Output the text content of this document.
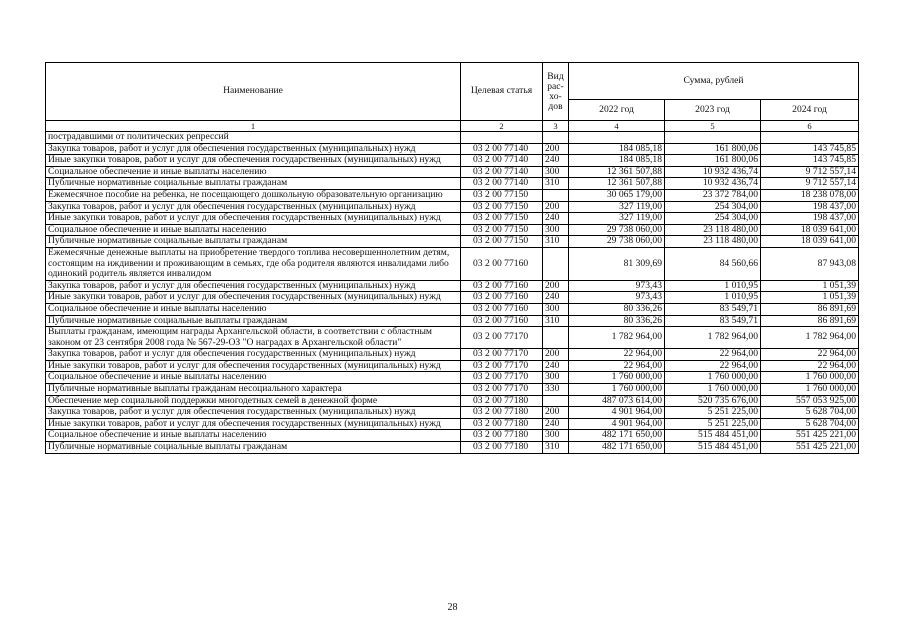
Наименование	Целевая статья	Вид рас-хо-дов	Сумма, рублей		
			2022 год	2023 год	2024 год
1	2	3	4	5	6
пострадавшими от политических репрессий					
Закупка товаров, работ и услуг для обеспечения государственных (муниципальных) нужд	03 2 00 77140	200	184 085,18	161 800,06	143 745,85
Иные закупки товаров, работ и услуг для обеспечения государственных (муниципальных) нужд	03 2 00 77140	240	184 085,18	161 800,06	143 745,85
Социальное обеспечение и иные выплаты населению	03 2 00 77140	300	12 361 507,88	10 932 436,74	9 712 557,14
Публичные нормативные социальные выплаты гражданам	03 2 00 77140	310	12 361 507,88	10 932 436,74	9 712 557,14
Ежемесячное пособие на ребенка, не посещающего дошкольную образовательную организацию	03 2 00 77150		30 065 179,00	23 372 784,00	18 238 078,00
Закупка товаров, работ и услуг для обеспечения государственных (муниципальных) нужд	03 2 00 77150	200	327 119,00	254 304,00	198 437,00
Иные закупки товаров, работ и услуг для обеспечения государственных (муниципальных) нужд	03 2 00 77150	240	327 119,00	254 304,00	198 437,00
Социальное обеспечение и иные выплаты населению	03 2 00 77150	300	29 738 060,00	23 118 480,00	18 039 641,00
Публичные нормативные социальные выплаты гражданам	03 2 00 77150	310	29 738 060,00	23 118 480,00	18 039 641,00
Ежемесячные денежные выплаты на приобретение твердого топлива несовершеннолетним детям, состоящим на иждивении и проживающим в семьях, где оба родителя являются инвалидами либо одинокий родитель является инвалидом	03 2 00 77160		81 309,69	84 560,66	87 943,08
Закупка товаров, работ и услуг для обеспечения государственных (муниципальных) нужд	03 2 00 77160	200	973,43	1 010,95	1 051,39
Иные закупки товаров, работ и услуг для обеспечения государственных (муниципальных) нужд	03 2 00 77160	240	973,43	1 010,95	1 051,39
Социальное обеспечение и иные выплаты населению	03 2 00 77160	300	80 336,26	83 549,71	86 891,69
Публичные нормативные социальные выплаты гражданам	03 2 00 77160	310	80 336,26	83 549,71	86 891,69
Выплаты гражданам, имеющим награды Архангельской области, в соответствии с областным законом от 23 сентября 2008 года № 567-29-ОЗ "О наградах в Архангельской области"	03 2 00 77170		1 782 964,00	1 782 964,00	1 782 964,00
Закупка товаров, работ и услуг для обеспечения государственных (муниципальных) нужд	03 2 00 77170	200	22 964,00	22 964,00	22 964,00
Иные закупки товаров, работ и услуг для обеспечения государственных (муниципальных) нужд	03 2 00 77170	240	22 964,00	22 964,00	22 964,00
Социальное обеспечение и иные выплаты населению	03 2 00 77170	300	1 760 000,00	1 760 000,00	1 760 000,00
Публичные нормативные выплаты гражданам несоциального характера	03 2 00 77170	330	1 760 000,00	1 760 000,00	1 760 000,00
Обеспечение мер социальной поддержки многодетных семей в денежной форме	03 2 00 77180		487 073 614,00	520 735 676,00	557 053 925,00
Закупка товаров, работ и услуг для обеспечения государственных (муниципальных) нужд	03 2 00 77180	200	4 901 964,00	5 251 225,00	5 628 704,00
Иные закупки товаров, работ и услуг для обеспечения государственных (муниципальных) нужд	03 2 00 77180	240	4 901 964,00	5 251 225,00	5 628 704,00
Социальное обеспечение и иные выплаты населению	03 2 00 77180	300	482 171 650,00	515 484 451,00	551 425 221,00
Публичные нормативные социальные выплаты гражданам	03 2 00 77180	310	482 171 650,00	515 484 451,00	551 425 221,00
28
